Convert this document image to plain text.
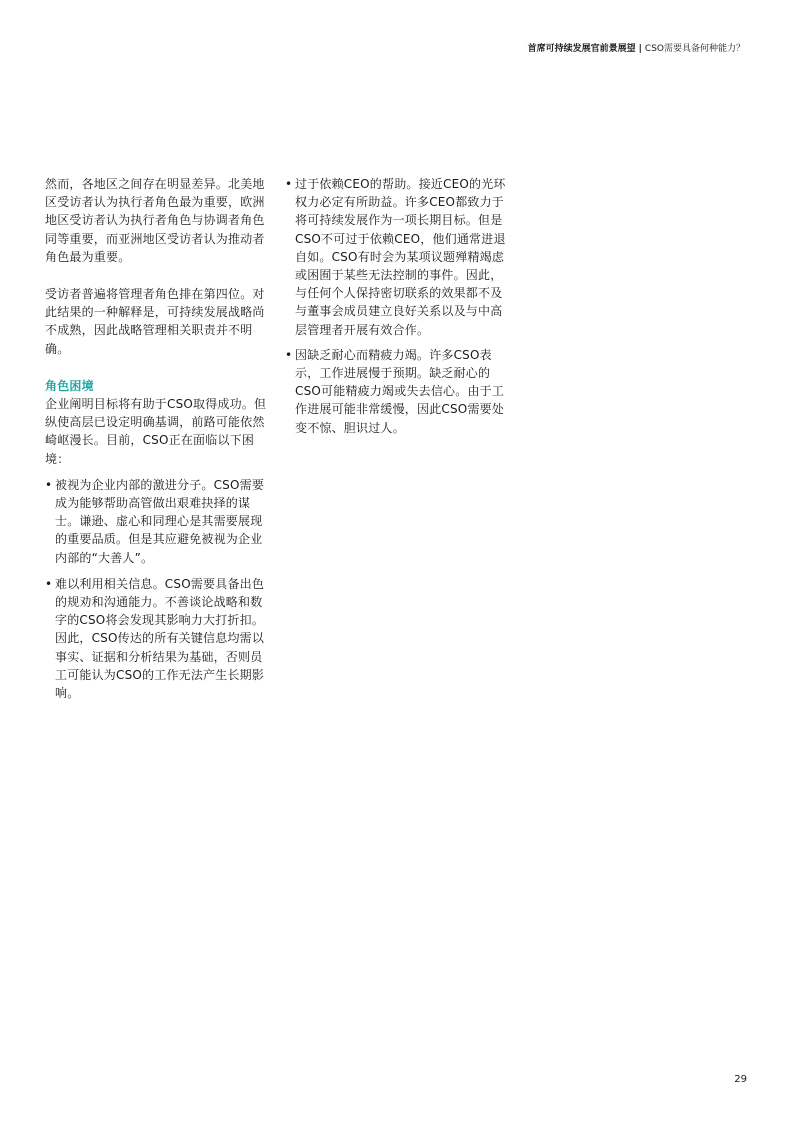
首席可持续发展官前景展望 | CSO需要具备何种能力？

然而，各地区之间存在明显差异。北美地区受访者认为执行者角色最为重要，欧洲地区受访者认为执行者角色与协调者角色同等重要，而亚洲地区受访者认为推动者角色最为重要。

受访者普遍将管理者角色排在第四位。对此结果的一种解释是，可持续发展战略尚不成熟，因此战略管理相关职责并不明确。

角色困境

企业阐明目标将有助于CSO取得成功。但纵使高层已设定明确基调，前路可能依然崎岖漫长。目前，CSO正在面临以下困境：

• 被视为企业内部的激进分子。CSO需要成为能够帮助高管做出艰难抉择的谋士。谦逊、虚心和同理心是其需要展现的重要品质。但是其应避免被视为企业内部的“大善人”。
• 难以利用相关信息。CSO需要具备出色的规劝和沟通能力。不善谈论战略和数字的CSO将会发现其影响力大打折扣。因此，CSO传达的所有关键信息均需以事实、证据和分析结果为基础，否则员工可能认为CSO的工作无法产生长期影响。
• 过于依赖CEO的帮助。接近CEO的光环权力必定有所助益。许多CEO都致力于将可持续发展作为一项长期目标。但是CSO不可过于依赖CEO，他们通常进退自如。CSO有时会为某项议题殚精竭虑或困囿于某些无法控制的事件。因此，与任何个人保持密切联系的效果都不及与董事会成员建立良好关系以及与中高层管理者开展有效合作。
• 因缺乏耐心而精疲力竭。许多CSO表示，工作进展慢于预期。缺乏耐心的CSO可能精疲力竭或失去信心。由于工作进展可能非常缓慢，因此CSO需要处变不惊、胆识过人。
29
